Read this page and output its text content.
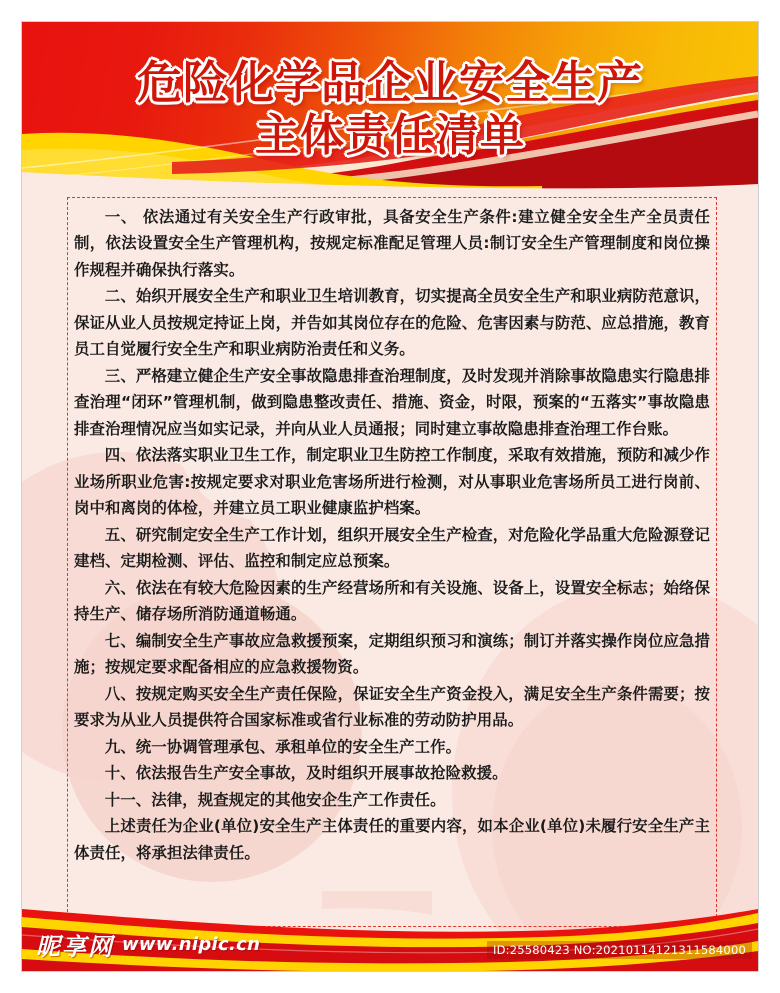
危险化学品企业安全生产
主体责任清单

一、 依法通过有关安全生产行政审批，具备安全生产条件:建立健全安全生产全员责任制，依法设置安全生产管理机构，按规定标准配足管理人员:制订安全生产管理制度和岗位操作规程并确保执行落实。

二、始织开展安全生产和职业卫生培训教育，切实提高全员安全生产和职业病防范意识，保证从业人员按规定持证上岗，并告如其岗位存在的危险、危害因素与防范、应总措施，教育员工自觉履行安全生产和职业病防治责任和义务。

三、严格建立健企生产安全事故隐患排查治理制度，及时发现并消除事故隐患实行隐患排查治理“闭环”管理机制，做到隐患整改责任、措施、资金，时限，预案的“五落实”事故隐患排查治理情况应当如实记录，并向从业人员通报；同时建立事故隐患排查治理工作台账。

四、依法落实职业卫生工作，制定职业卫生防控工作制度，采取有效措施，预防和减少作业场所职业危害:按规定要求对职业危害场所进行检测，对从事职业危害场所员工进行岗前、岗中和离岗的体检，并建立员工职业健康监护档案。

五、研究制定安全生产工作计划，组织开展安全生产检查，对危险化学品重大危险源登记建档、定期检测、评估、监控和制定应总预案。

六、依法在有较大危险因素的生产经营场所和有关设施、设备上，设置安全标志；始络保持生产、储存场所消防通道畅通。

七、编制安全生产事故应急救援预案，定期组织预习和演练；制订并落实操作岗位应急措施；按规定要求配备相应的应急救援物资。

八、按规定购买安全生产责任保险，保证安全生产资金投入，满足安全生产条件需要；按要求为从业人员提供符合国家标准或省行业标准的劳动防护用品。

九、统一协调管理承包、承租单位的安全生产工作。

十、依法报告生产安全事故，及时组织开展事故抢险救援。

十一、法律，规查规定的其他安企生产工作责任。

上述责任为企业(单位)安全生产主体责任的重要内容，如本企业(单位)未履行安全生产主体责任，将承担法律责任。

昵享网 www.nipic.cn	ID:25580423 NO:20210114121311584000
